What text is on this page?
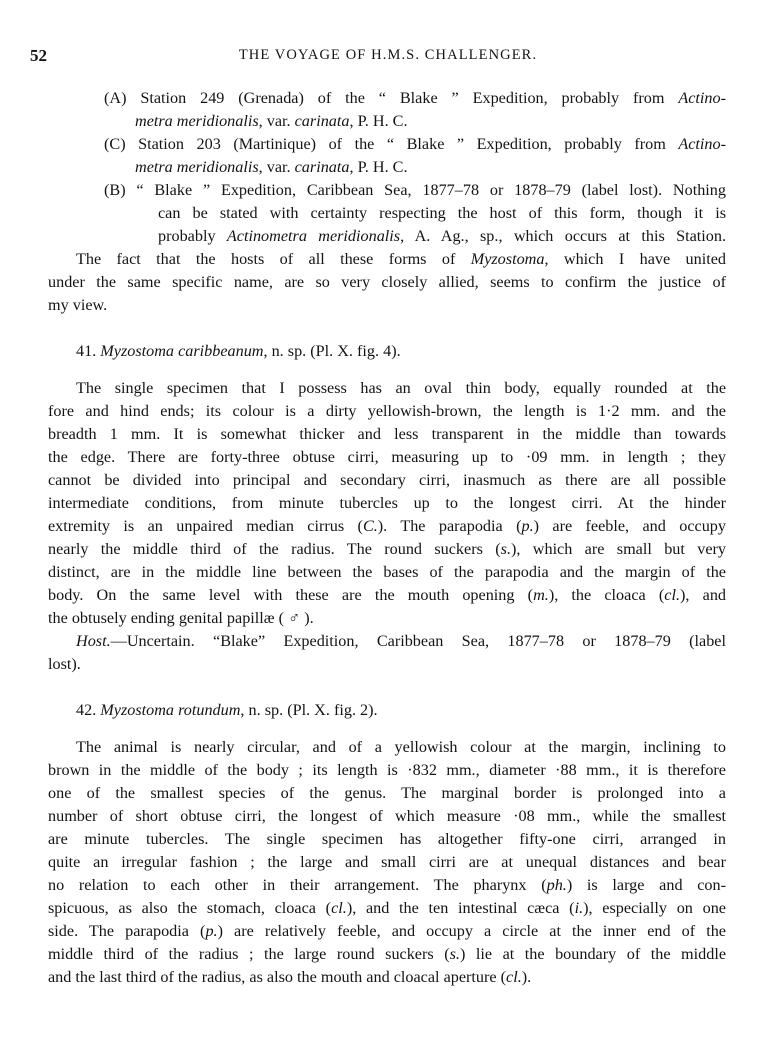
52	THE VOYAGE OF H.M.S. CHALLENGER.
(A) Station 249 (Grenada) of the “ Blake ” Expedition, probably from Actino-
metra meridionalis, var. carinata, P. H. C.
(C) Station 203 (Martinique) of the “ Blake ” Expedition, probably from Actino-
metra meridionalis, var. carinata, P. H. C.
(B) “ Blake ” Expedition, Caribbean Sea, 1877–78 or 1878–79 (label lost). Nothing
can be stated with certainty respecting the host of this form, though it is
probably Actinometra meridionalis, A. Ag., sp., which occurs at this Station.
The fact that the hosts of all these forms of Myzostoma, which I have united
under the same specific name, are so very closely allied, seems to confirm the justice of
my view.
41. Myzostoma caribbeanum, n. sp. (Pl. X. fig. 4).
The single specimen that I possess has an oval thin body, equally rounded at the
fore and hind ends; its colour is a dirty yellowish-brown, the length is 1·2 mm. and the
breadth 1 mm. It is somewhat thicker and less transparent in the middle than towards
the edge. There are forty-three obtuse cirri, measuring up to ·09 mm. in length ; they
cannot be divided into principal and secondary cirri, inasmuch as there are all possible
intermediate conditions, from minute tubercles up to the longest cirri. At the hinder
extremity is an unpaired median cirrus (C.). The parapodia (p.) are feeble, and occupy
nearly the middle third of the radius. The round suckers (s.), which are small but very
distinct, are in the middle line between the bases of the parapodia and the margin of the
body. On the same level with these are the mouth opening (m.), the cloaca (cl.), and
the obtusely ending genital papillæ ( ♂ ).
Host.—Uncertain. “Blake” Expedition, Caribbean Sea, 1877–78 or 1878–79 (label
lost).
42. Myzostoma rotundum, n. sp. (Pl. X. fig. 2).
The animal is nearly circular, and of a yellowish colour at the margin, inclining to
brown in the middle of the body ; its length is ·832 mm., diameter ·88 mm., it is therefore
one of the smallest species of the genus. The marginal border is prolonged into a
number of short obtuse cirri, the longest of which measure ·08 mm., while the smallest
are minute tubercles. The single specimen has altogether fifty-one cirri, arranged in
quite an irregular fashion ; the large and small cirri are at unequal distances and bear
no relation to each other in their arrangement. The pharynx (ph.) is large and con-
spicuous, as also the stomach, cloaca (cl.), and the ten intestinal cæca (i.), especially on one
side. The parapodia (p.) are relatively feeble, and occupy a circle at the inner end of the
middle third of the radius ; the large round suckers (s.) lie at the boundary of the middle
and the last third of the radius, as also the mouth and cloacal aperture (cl.).
